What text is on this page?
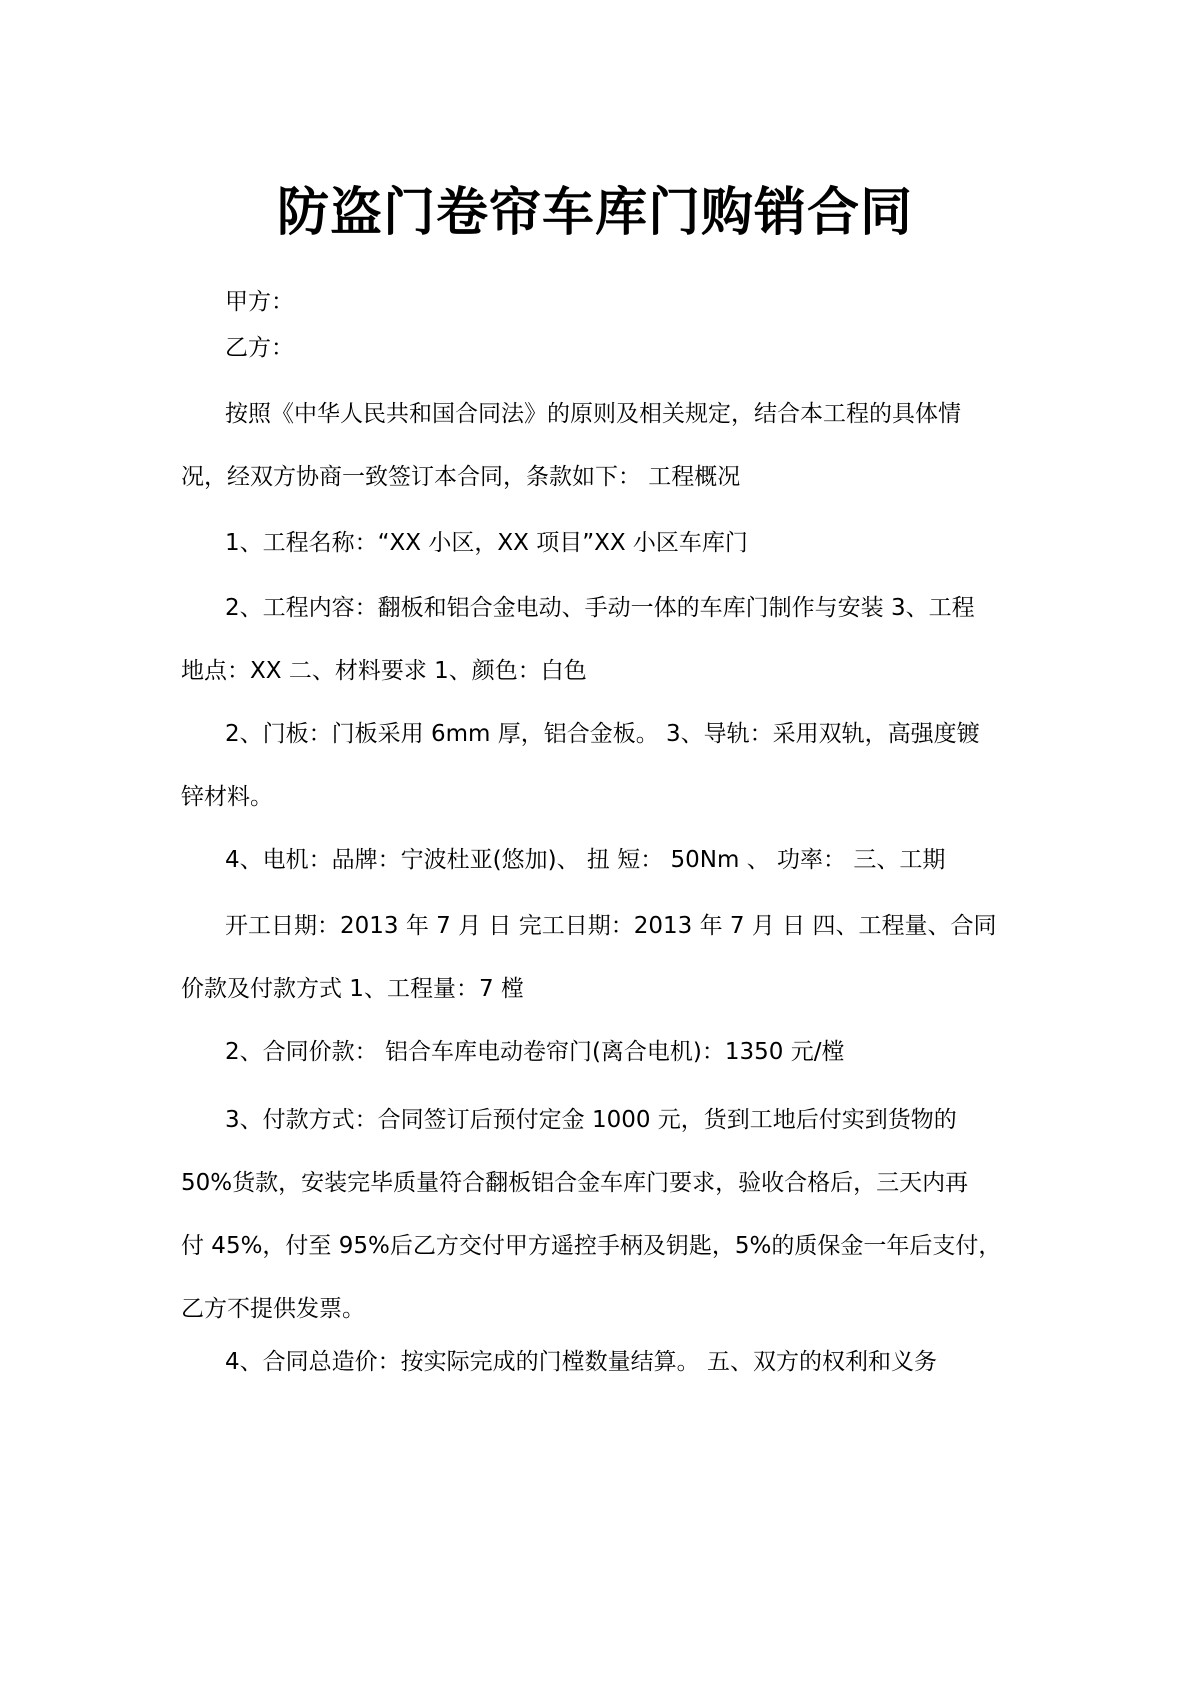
防盗门卷帘车库门购销合同

甲方：

乙方：

按照《中华人民共和国合同法》的原则及相关规定，结合本工程的具体情
况，经双方协商一致签订本合同，条款如下： 工程概况

1、工程名称：“XX 小区，XX 项目”XX 小区车库门

2、工程内容：翻板和铝合金电动、手动一体的车库门制作与安装 3、工程
地点：XX 二、材料要求 1、颜色：白色

2、门板：门板采用 6mm 厚，铝合金板。 3、导轨：采用双轨，高强度镀
锌材料。

4、电机：品牌：宁波杜亚(悠加)、 扭 短： 50Nm 、 功率： 三、工期

开工日期：2013 年 7 月 日 完工日期：2013 年 7 月 日 四、工程量、合同
价款及付款方式 1、工程量：7 樘

2、合同价款： 铝合车库电动卷帘门(离合电机)：1350 元/樘

3、付款方式：合同签订后预付定金 1000 元，货到工地后付实到货物的
50%货款，安装完毕质量符合翻板铝合金车库门要求，验收合格后，三天内再
付 45%，付至 95%后乙方交付甲方遥控手柄及钥匙，5%的质保金一年后支付，
乙方不提供发票。

4、合同总造价：按实际完成的门樘数量结算。 五、双方的权利和义务
